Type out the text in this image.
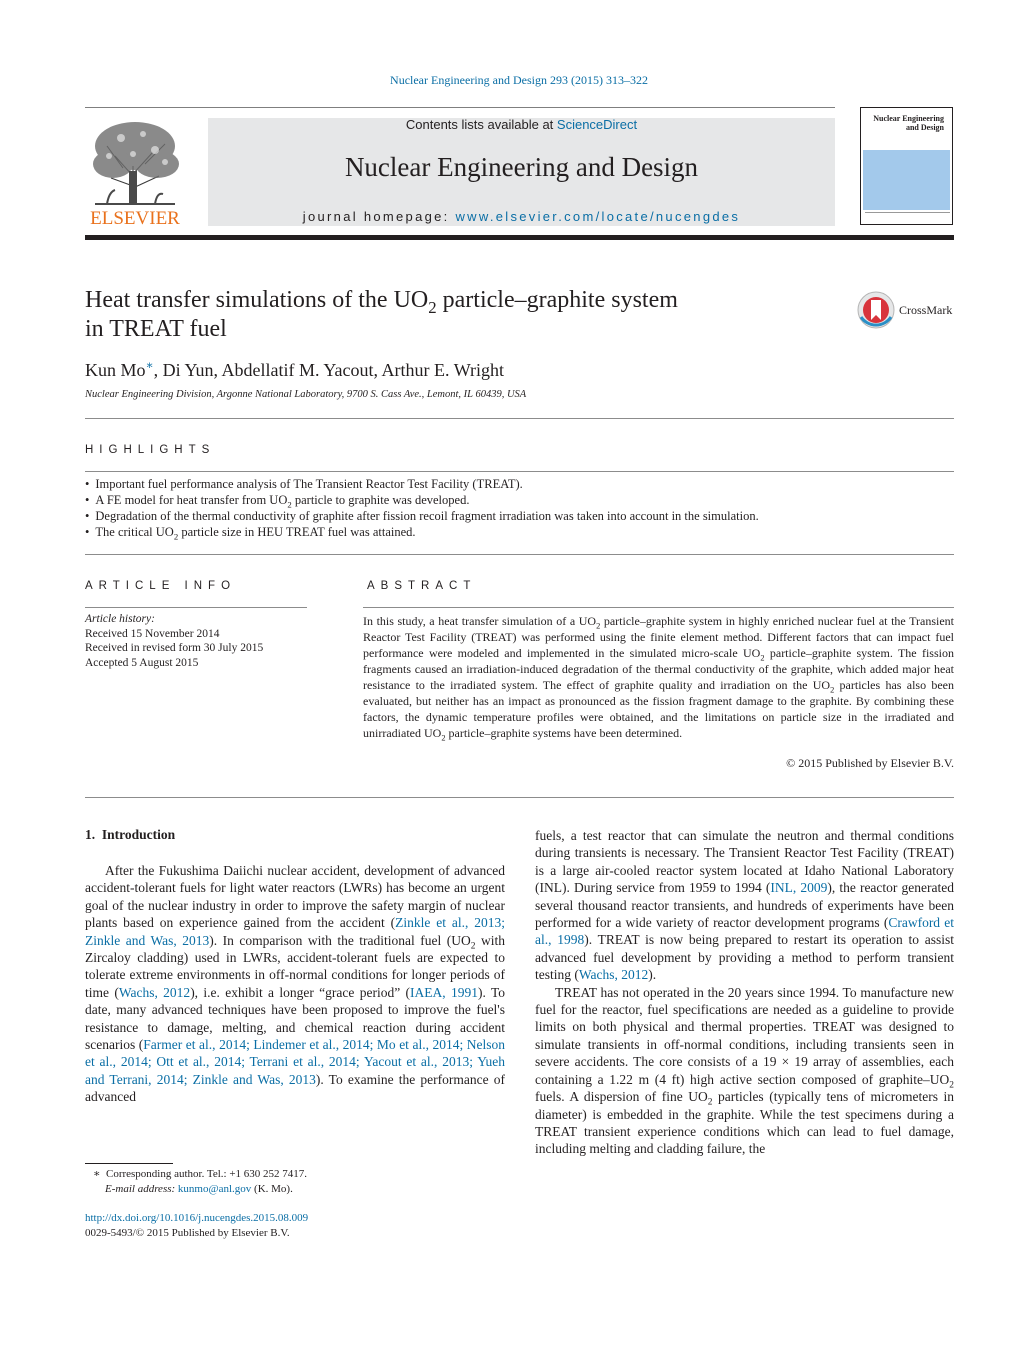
Nuclear Engineering and Design 293 (2015) 313–322
ELSEVIER
Contents lists available at ScienceDirect
Nuclear Engineering and Design
journal homepage: www.elsevier.com/locate/nucengdes
Nuclear Engineering
and Design
Heat transfer simulations of the $UO_2$ particle–graphite system
in TREAT fuel
CrossMark
Kun Mo∗, Di Yun, Abdellatif M. Yacout, Arthur E. Wright
Nuclear Engineering Division, Argonne National Laboratory, 9700 S. Cass Ave., Lemont, IL 60439, USA
HIGHLIGHTS
• Important fuel performance analysis of The Transient Reactor Test Facility (TREAT).
• A FE model for heat transfer from $UO_2$ particle to graphite was developed.
• Degradation of the thermal conductivity of graphite after fission recoil fragment irradiation was taken into account in the simulation.
• The critical $UO_2$ particle size in HEU TREAT fuel was attained.
ARTICLE INFO
Article history:
Received 15 November 2014
Received in revised form 30 July 2015
Accepted 5 August 2015
ABSTRACT
In this study, a heat transfer simulation of a $UO_2$ particle–graphite system in highly enriched nuclear fuel at the Transient Reactor Test Facility (TREAT) was performed using the finite element method. Different factors that can impact fuel performance were modeled and implemented in the simulated micro-scale $UO_2$ particle–graphite system. The fission fragments caused an irradiation-induced degradation of the thermal conductivity of the graphite, which added major heat resistance to the irradiated system. The effect of graphite quality and irradiation on the $UO_2$ particles has also been evaluated, but neither has an impact as pronounced as the fission fragment damage to the graphite. By combining these factors, the dynamic temperature profiles were obtained, and the limitations on particle size in the irradiated and unirradiated $UO_2$ particle–graphite systems have been determined.
© 2015 Published by Elsevier B.V.
1. Introduction

After the Fukushima Daiichi nuclear accident, development of advanced accident-tolerant fuels for light water reactors (LWRs) has become an urgent goal of the nuclear industry in order to improve the safety margin of nuclear plants based on experience gained from the accident (Zinkle et al., 2013; Zinkle and Was, 2013). In comparison with the traditional fuel ($UO_2$ with Zircaloy cladding) used in LWRs, accident-tolerant fuels are expected to tolerate extreme environments in off-normal conditions for longer periods of time (Wachs, 2012), i.e. exhibit a longer “grace period” (IAEA, 1991). To date, many advanced techniques have been proposed to improve the fuel's resistance to damage, melting, and chemical reaction during accident scenarios (Farmer et al., 2014; Lindemer et al., 2014; Mo et al., 2014; Nelson et al., 2014; Ott et al., 2014; Terrani et al., 2014; Yacout et al., 2013; Yueh and Terrani, 2014; Zinkle and Was, 2013). To examine the performance of advanced

fuels, a test reactor that can simulate the neutron and thermal conditions during transients is necessary. The Transient Reactor Test Facility (TREAT) is a large air-cooled reactor system located at Idaho National Laboratory (INL). During service from 1959 to 1994 (INL, 2009), the reactor generated several thousand reactor transients, and hundreds of experiments have been performed for a wide variety of reactor development programs (Crawford et al., 1998). TREAT is now being prepared to restart its operation to assist advanced fuel development by providing a method to perform transient testing (Wachs, 2012).

TREAT has not operated in the 20 years since 1994. To manufacture new fuel for the reactor, fuel specifications are needed as a guideline to provide limits on both physical and thermal properties. TREAT was designed to simulate transients in off-normal conditions, including transients seen in severe accidents. The core consists of a 19 × 19 array of assemblies, each containing a 1.22 m (4 ft) high active section composed of graphite–$UO_2$ fuels. A dispersion of fine $UO_2$ particles (typically tens of micrometers in diameter) is embedded in the graphite. While the test specimens during a TREAT transient experience conditions which can lead to fuel damage, including melting and cladding failure, the

∗ Corresponding author. Tel.: +1 630 252 7417.
E-mail address: kunmo@anl.gov (K. Mo).
http://dx.doi.org/10.1016/j.nucengdes.2015.08.009
0029-5493/© 2015 Published by Elsevier B.V.
